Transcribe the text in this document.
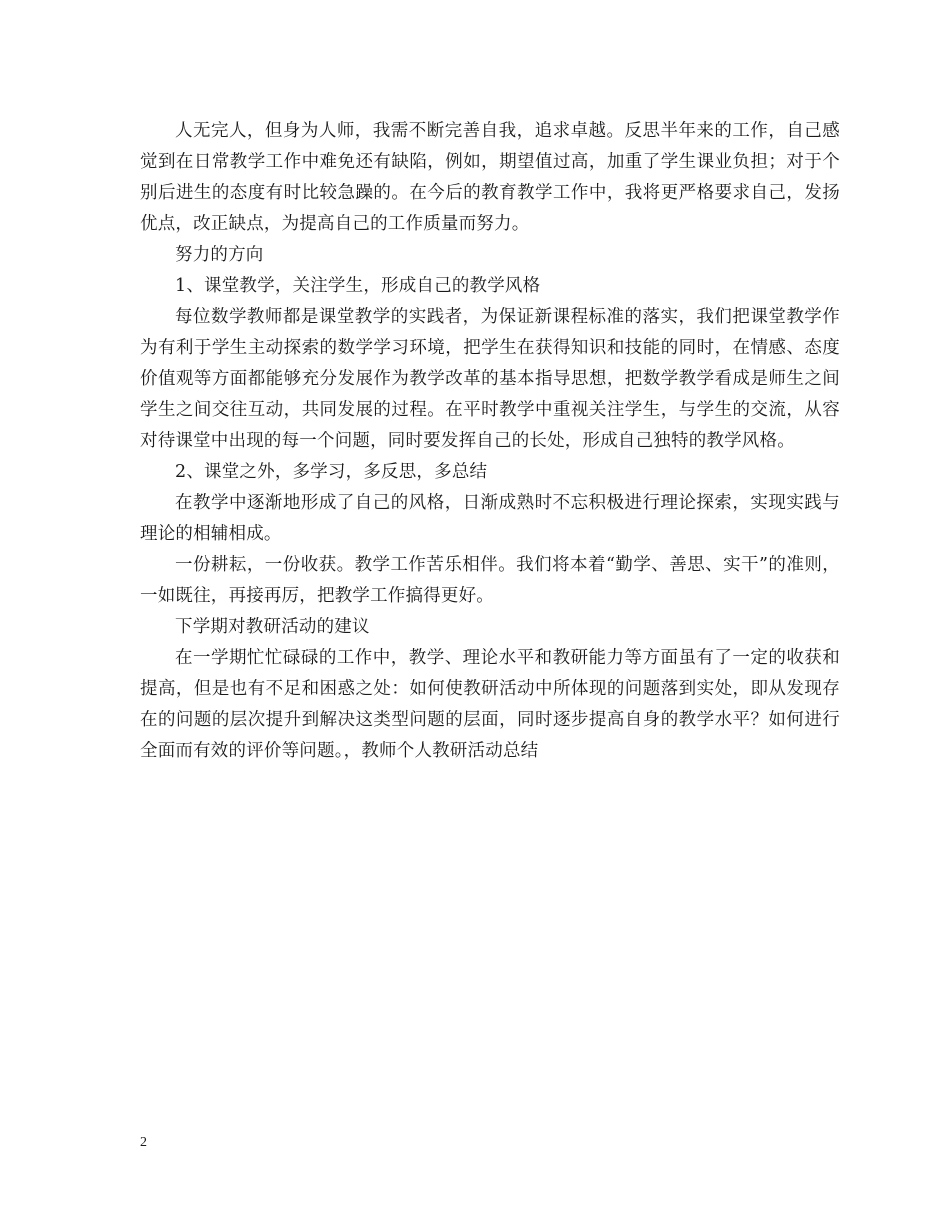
人无完人，但身为人师，我需不断完善自我，追求卓越。反思半年来的工作，自己感觉到在日常教学工作中难免还有缺陷，例如，期望值过高，加重了学生课业负担；对于个别后进生的态度有时比较急躁的。在今后的教育教学工作中，我将更严格要求自己，发扬优点，改正缺点，为提高自己的工作质量而努力。

努力的方向

1、课堂教学，关注学生，形成自己的教学风格

每位数学教师都是课堂教学的实践者，为保证新课程标准的落实，我们把课堂教学作为有利于学生主动探索的数学学习环境，把学生在获得知识和技能的同时，在情感、态度价值观等方面都能够充分发展作为教学改革的基本指导思想，把数学教学看成是师生之间学生之间交往互动，共同发展的过程。在平时教学中重视关注学生，与学生的交流，从容对待课堂中出现的每一个问题，同时要发挥自己的长处，形成自己独特的教学风格。

2、课堂之外，多学习，多反思，多总结

在教学中逐渐地形成了自己的风格，日渐成熟时不忘积极进行理论探索，实现实践与理论的相辅相成。

一份耕耘，一份收获。教学工作苦乐相伴。我们将本着“勤学、善思、实干”的准则，一如既往，再接再厉，把教学工作搞得更好。

下学期对教研活动的建议

在一学期忙忙碌碌的工作中，教学、理论水平和教研能力等方面虽有了一定的收获和提高，但是也有不足和困惑之处：如何使教研活动中所体现的问题落到实处，即从发现存在的问题的层次提升到解决这类型问题的层面，同时逐步提高自身的教学水平？如何进行全面而有效的评价等问题。，教师个人教研活动总结

2
